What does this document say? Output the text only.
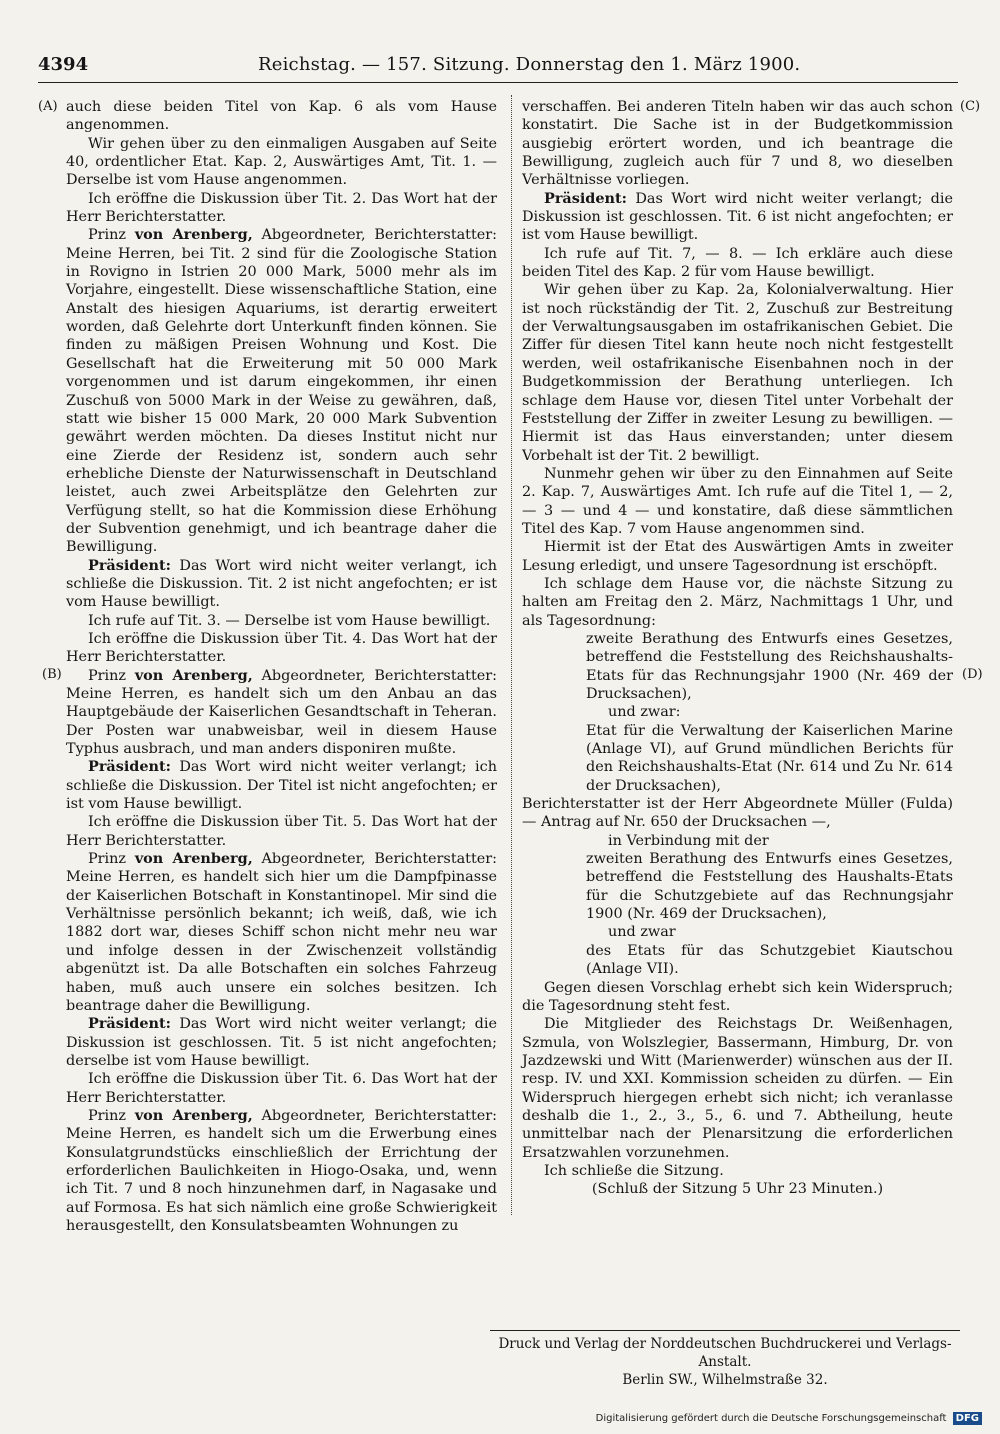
4394	Reichstag. — 157. Sitzung. Donnerstag den 1. März 1900.
(A)
(B)
(C)
(D)

auch diese beiden Titel von Kap. 6 als vom Hause angenommen.

Wir gehen über zu den einmaligen Ausgaben auf Seite 40, ordentlicher Etat. Kap. 2, Auswärtiges Amt, Tit. 1. — Derselbe ist vom Hause angenommen.

Ich eröffne die Diskussion über Tit. 2. Das Wort hat der Herr Berichterstatter.

Prinz von Arenberg, Abgeordneter, Berichterstatter: Meine Herren, bei Tit. 2 sind für die Zoologische Station in Rovigno in Istrien 20 000 Mark, 5000 mehr als im Vorjahre, eingestellt. Diese wissenschaftliche Station, eine Anstalt des hiesigen Aquariums, ist derartig erweitert worden, daß Gelehrte dort Unterkunft finden können. Sie finden zu mäßigen Preisen Wohnung und Kost. Die Gesellschaft hat die Erweiterung mit 50 000 Mark vorgenommen und ist darum eingekommen, ihr einen Zuschuß von 5000 Mark in der Weise zu gewähren, daß, statt wie bisher 15 000 Mark, 20 000 Mark Subvention gewährt werden möchten. Da dieses Institut nicht nur eine Zierde der Residenz ist, sondern auch sehr erhebliche Dienste der Naturwissenschaft in Deutschland leistet, auch zwei Arbeitsplätze den Gelehrten zur Verfügung stellt, so hat die Kommission diese Erhöhung der Subvention genehmigt, und ich beantrage daher die Bewilligung.

Präsident: Das Wort wird nicht weiter verlangt, ich schließe die Diskussion. Tit. 2 ist nicht angefochten; er ist vom Hause bewilligt.

Ich rufe auf Tit. 3. — Derselbe ist vom Hause bewilligt.

Ich eröffne die Diskussion über Tit. 4. Das Wort hat der Herr Berichterstatter.

Prinz von Arenberg, Abgeordneter, Berichterstatter: Meine Herren, es handelt sich um den Anbau an das Hauptgebäude der Kaiserlichen Gesandtschaft in Teheran. Der Posten war unabweisbar, weil in diesem Hause Typhus ausbrach, und man anders disponiren mußte.

Präsident: Das Wort wird nicht weiter verlangt; ich schließe die Diskussion. Der Titel ist nicht angefochten; er ist vom Hause bewilligt.

Ich eröffne die Diskussion über Tit. 5. Das Wort hat der Herr Berichterstatter.

Prinz von Arenberg, Abgeordneter, Berichterstatter: Meine Herren, es handelt sich hier um die Dampfpinasse der Kaiserlichen Botschaft in Konstantinopel. Mir sind die Verhältnisse persönlich bekannt; ich weiß, daß, wie ich 1882 dort war, dieses Schiff schon nicht mehr neu war und infolge dessen in der Zwischenzeit vollständig abgenützt ist. Da alle Botschaften ein solches Fahrzeug haben, muß auch unsere ein solches besitzen. Ich beantrage daher die Bewilligung.

Präsident: Das Wort wird nicht weiter verlangt; die Diskussion ist geschlossen. Tit. 5 ist nicht angefochten; derselbe ist vom Hause bewilligt.

Ich eröffne die Diskussion über Tit. 6. Das Wort hat der Herr Berichterstatter.

Prinz von Arenberg, Abgeordneter, Berichterstatter: Meine Herren, es handelt sich um die Erwerbung eines Konsulatgrundstücks einschließlich der Errichtung der erforderlichen Baulichkeiten in Hiogo-Osaka, und, wenn ich Tit. 7 und 8 noch hinzunehmen darf, in Nagasake und auf Formosa. Es hat sich nämlich eine große Schwierigkeit herausgestellt, den Konsulatsbeamten Wohnungen zu

verschaffen. Bei anderen Titeln haben wir das auch schon konstatirt. Die Sache ist in der Budgetkommission ausgiebig erörtert worden, und ich beantrage die Bewilligung, zugleich auch für 7 und 8, wo dieselben Verhältnisse vorliegen.

Präsident: Das Wort wird nicht weiter verlangt; die Diskussion ist geschlossen. Tit. 6 ist nicht angefochten; er ist vom Hause bewilligt.

Ich rufe auf Tit. 7, — 8. — Ich erkläre auch diese beiden Titel des Kap. 2 für vom Hause bewilligt.

Wir gehen über zu Kap. 2a, Kolonialverwaltung. Hier ist noch rückständig der Tit. 2, Zuschuß zur Bestreitung der Verwaltungsausgaben im ostafrikanischen Gebiet. Die Ziffer für diesen Titel kann heute noch nicht festgestellt werden, weil ostafrikanische Eisenbahnen noch in der Budgetkommission der Berathung unterliegen. Ich schlage dem Hause vor, diesen Titel unter Vorbehalt der Feststellung der Ziffer in zweiter Lesung zu bewilligen. — Hiermit ist das Haus einverstanden; unter diesem Vorbehalt ist der Tit. 2 bewilligt.

Nunmehr gehen wir über zu den Einnahmen auf Seite 2. Kap. 7, Auswärtiges Amt. Ich rufe auf die Titel 1, — 2, — 3 — und 4 — und konstatire, daß diese sämmtlichen Titel des Kap. 7 vom Hause angenommen sind.

Hiermit ist der Etat des Auswärtigen Amts in zweiter Lesung erledigt, und unsere Tagesordnung ist erschöpft.

Ich schlage dem Hause vor, die nächste Sitzung zu halten am Freitag den 2. März, Nachmittags 1 Uhr, und als Tagesordnung:

zweite Berathung des Entwurfs eines Gesetzes, betreffend die Feststellung des Reichshaushalts-Etats für das Rechnungsjahr 1900 (Nr. 469 der Drucksachen),

und zwar:

Etat für die Verwaltung der Kaiserlichen Marine (Anlage VI), auf Grund mündlichen Berichts für den Reichshaushalts-Etat (Nr. 614 und Zu Nr. 614 der Drucksachen),

Berichterstatter ist der Herr Abgeordnete Müller (Fulda) — Antrag auf Nr. 650 der Drucksachen —,

in Verbindung mit der

zweiten Berathung des Entwurfs eines Gesetzes, betreffend die Feststellung des Haushalts-Etats für die Schutzgebiete auf das Rechnungsjahr 1900 (Nr. 469 der Drucksachen),

und zwar

des Etats für das Schutzgebiet Kiautschou (Anlage VII).

Gegen diesen Vorschlag erhebt sich kein Widerspruch; die Tagesordnung steht fest.

Die Mitglieder des Reichstags Dr. Weißenhagen, Szmula, von Wolszlegier, Bassermann, Himburg, Dr. von Jazdzewski und Witt (Marienwerder) wünschen aus der II. resp. IV. und XXI. Kommission scheiden zu dürfen. — Ein Widerspruch hiergegen erhebt sich nicht; ich veranlasse deshalb die 1., 2., 3., 5., 6. und 7. Abtheilung, heute unmittelbar nach der Plenarsitzung die erforderlichen Ersatzwahlen vorzunehmen.

Ich schließe die Sitzung.

(Schluß der Sitzung 5 Uhr 23 Minuten.)

Druck und Verlag der Norddeutschen Buchdruckerei und Verlags-Anstalt.
Berlin SW., Wilhelmstraße 32.
Digitalisierung gefördert durch die Deutsche Forschungsgemeinschaft DFG
